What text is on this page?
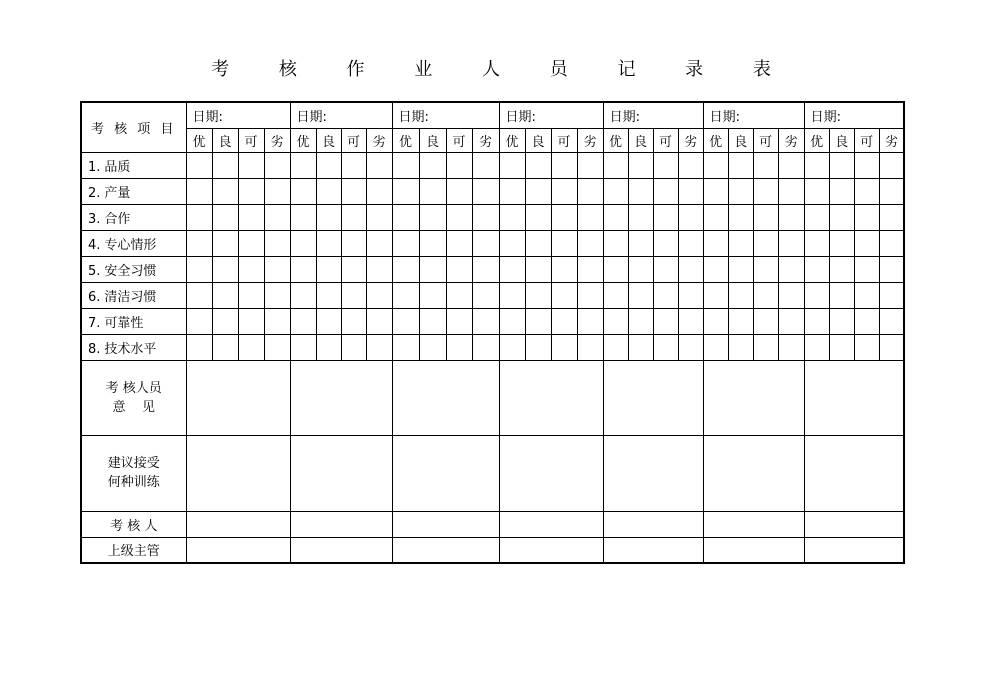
考 核 作 业 人 员 记 录 表
考 核 项 目	日期:				日期:				日期:				日期:				日期:				日期:				日期:			
	优	良	可	劣	优	良	可	劣	优	良	可	劣	优	良	可	劣	优	良	可	劣	优	良	可	劣	优	良	可	劣
1. 品质																												
2. 产量																												
3. 合作																												
4. 专心情形																												
5. 安全习惯																												
6. 清洁习惯																												
7. 可靠性																												
8. 技术水平																												

考 核人员
意    见																												

建议接受
何种训练																												

考 核 人																												
上级主管																												
